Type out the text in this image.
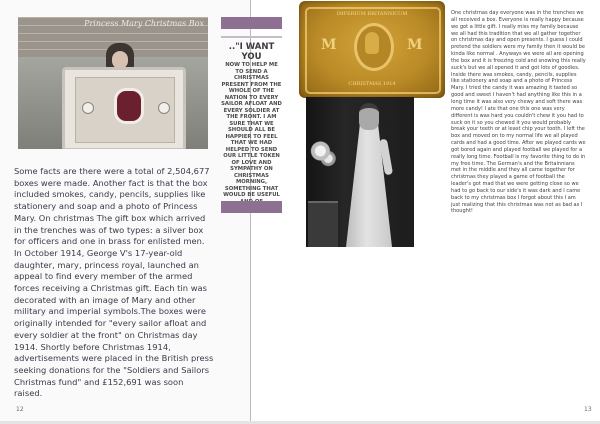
Princess Mary Christmas Box

Some facts are there were a total of 2,504,677 boxes were made. Another fact is that the box included smokes, candy, pencils, supplies like stationery and soap and a photo of Princess Mary. On christmas The gift box which arrived in the trenches was of two types: a silver box for officers and one in brass for enlisted men. In October 1914, George V's 17-year-old daughter, mary, princess royal, launched an appeal to find every member of the armed forces receiving a Christmas gift. Each tin was decorated with an image of Mary and other military and imperial symbols.The boxes were originally intended for "every sailor afloat and every soldier at the front" on Christmas day 1914. Shortly before Christmas 1914, advertisements were placed in the British press seeking donations for the "Soldiers and Sailors Christmas fund" and £152,691 was soon raised.

12

.."I WANT YOU
NOW TO HELP ME TO SEND A CHRISTMAS PRESENT FROM THE WHOLE OF THE NATION TO EVERY SAILOR AFLOAT AND EVERY SOLDIER AT THE FRONT. I AM SURE THAT WE SHOULD ALL BE HAPPIER TO FEEL THAT WE HAD HELPED TO SEND OUR LITTLE TOKEN OF LOVE AND SYMPATHY ON CHRISTMAS MORNING, SOMETHING THAT WOULD BE USEFUL

IMPERIUM BRITANNICUM
M	M
CHRISTMAS 1914

One christmas day everyone was in the trenches we all received a box. Everyone is really happy because we got a little gift. I really miss my family because we all had this tradition that we all gather together on christmas day and open presents. I guess I could pretend the soldiers were my family then it would be kinda like normal . Anyways we were all are opening the box and it is freezing cold and snowing this really suck's but we all opened it and got lots of goodies. Inside there was smokes, candy, pencils, supplies like stationery and soap and a photo of Princess Mary. I tried the candy it was amazing it tasted so good and sweet I haven't had anything like this in a long time it was also very chewy and soft there was more candy! I ate that one this one was very different is was hard you couldn't chew it you had to suck on it so you chewed it you would probably break your teeth or at least chip your tooth. I left the box and moved on to my normal life we all played cards and had a good time. After we played cards we got bored again and played football we played for a really long time. Football is my favorite thing to do in my free time. The German's and the Britainnians met in the middle and they all came together for christmas they played a game of football the leader's got mad that we were getting close so we had to go back to our side's it was dark and I came back to my christmas box I forgot about this I am just realizing that this christmas was not as bad as I thought!

13
